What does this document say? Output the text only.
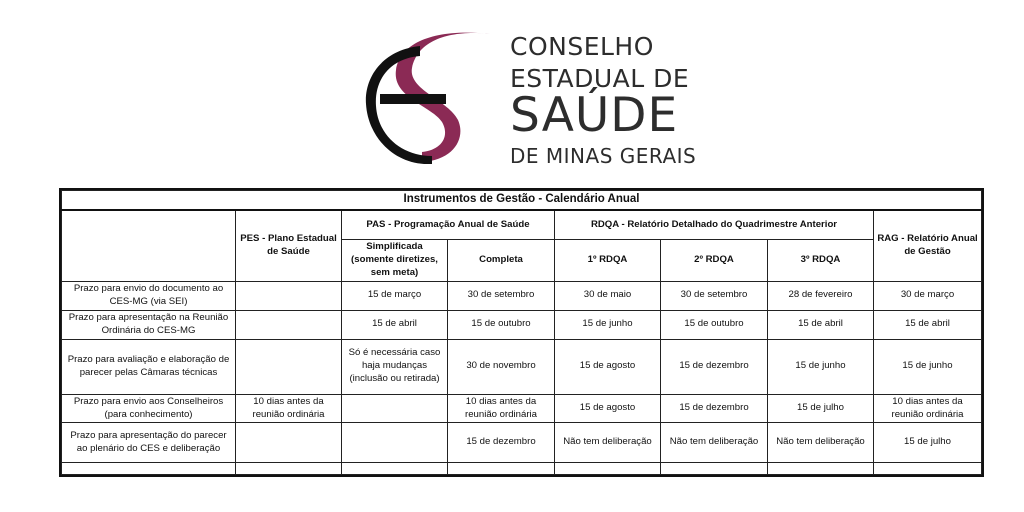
CONSELHO
ESTADUAL DE
SAÚDE
DE MINAS GERAIS
Instrumentos de Gestão - Calendário Anual							
	PES - Plano Estadual de Saúde	PAS - Programação Anual de Saúde		RDQA - Relatório Detalhado do Quadrimestre Anterior			RAG - Relatório Anual de Gestão
		Simplificada (somente diretizes, sem meta)	Completa	1º RDQA	2º RDQA	3º RDQA	
Prazo para envio do documento ao CES-MG (via SEI)		15 de março	30 de setembro	30 de maio	30 de setembro	28 de fevereiro	30 de março
Prazo para apresentação na Reunião Ordinária do CES-MG		15 de abril	15 de outubro	15 de junho	15 de outubro	15 de abril	15 de abril
Prazo para avaliação e elaboração de parecer pelas Câmaras técnicas		Só é necessária caso haja mudanças (inclusão ou retirada)	30 de novembro	15 de agosto	15 de dezembro	15 de junho	15 de junho
Prazo para envio aos Conselheiros (para conhecimento)	10 dias antes da reunião ordinária		10 dias antes da reunião ordinária	15 de agosto	15 de dezembro	15 de julho	10 dias antes da reunião ordinária
Prazo para apresentação do parecer ao plenário do CES e deliberação			15 de dezembro	Não tem deliberação	Não tem deliberação	Não tem deliberação	15 de julho
